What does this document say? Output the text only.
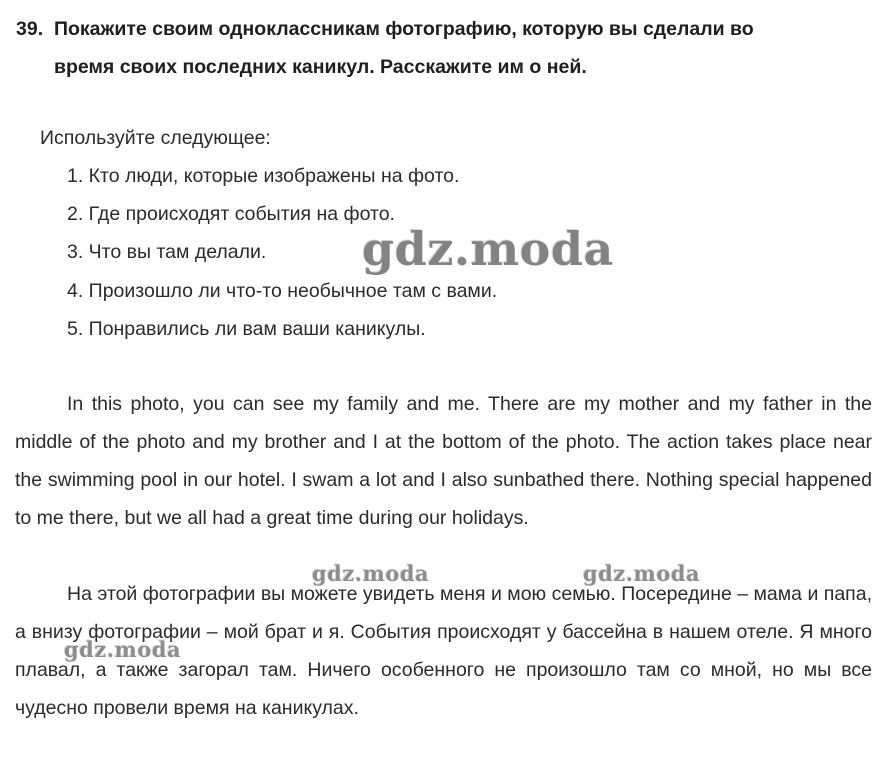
39. Покажите своим одноклассникам фотографию, которую вы сделали во
время своих последних каникул. Расскажите им о ней.
Используйте следующее:
1. Кто люди, которые изображены на фото.
2. Где происходят события на фото.
3. Что вы там делали.
4. Произошло ли что-то необычное там с вами.
5. Понравились ли вам ваши каникулы.

In this photo, you can see my family and me. There are my mother and my father in the middle of the photo and my brother and I at the bottom of the photo. The action takes place near the swimming pool in our hotel. I swam a lot and I also sunbathed there. Nothing special happened to me there, but we all had a great time during our holidays.

На этой фотографии вы можете увидеть меня и мою семью. Посередине – мама и папа, а внизу фотографии – мой брат и я. События происходят у бассейна в нашем отеле. Я много плавал, а также загорал там. Ничего особенного не произошло там со мной, но мы все чудесно провели время на каникулах.

gdz.moda
gdz.moda	gdz.moda
gdz.moda
